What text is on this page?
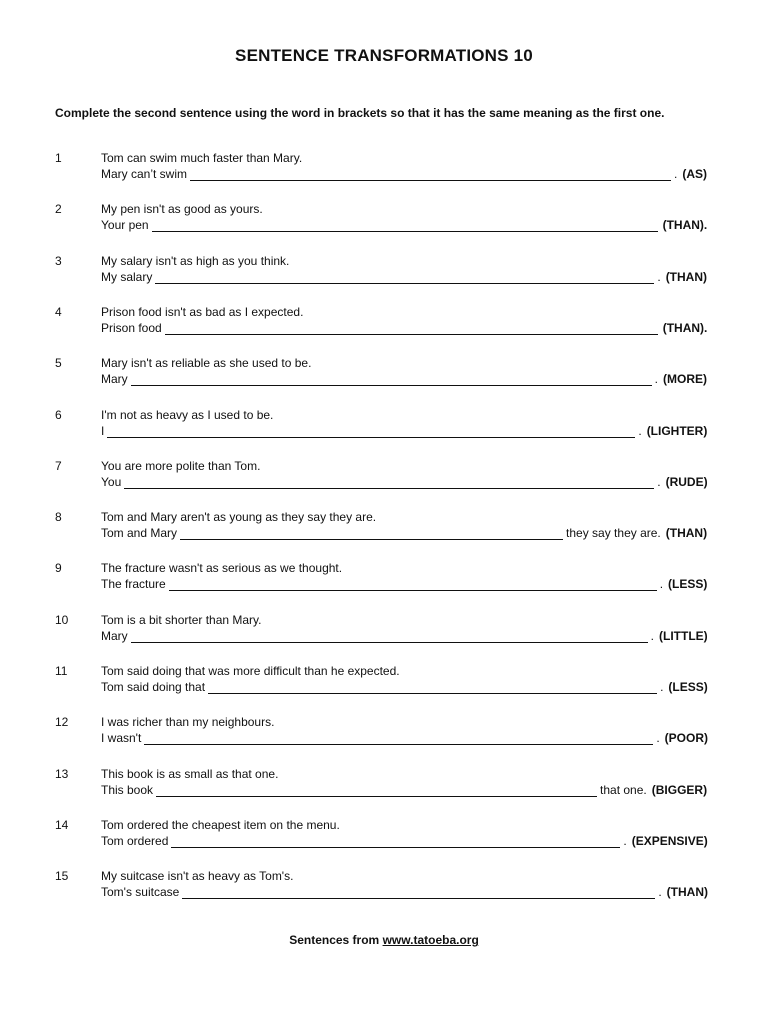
SENTENCE TRANSFORMATIONS 10
Complete the second sentence using the word in brackets so that it has the same meaning as the first one.
1	Tom can swim much faster than Mary.
Mary can’t swim	. (AS)
2	My pen isn't as good as yours.
Your pen	(THAN).
3	My salary isn't as high as you think.
My salary	. (THAN)
4	Prison food isn't as bad as I expected.
Prison food	(THAN).
5	Mary isn't as reliable as she used to be.
Mary	. (MORE)
6	I'm not as heavy as I used to be.
I	. (LIGHTER)
7	You are more polite than Tom.
You	. (RUDE)
8	Tom and Mary aren't as young as they say they are.
Tom and Mary	they say they are. (THAN)
9	The fracture wasn't as serious as we thought.
The fracture	. (LESS)
10	Tom is a bit shorter than Mary.
Mary	. (LITTLE)
11	Tom said doing that was more difficult than he expected.
Tom said doing that	. (LESS)
12	I was richer than my neighbours.
I wasn't	. (POOR)
13	This book is as small as that one.
This book	that one. (BIGGER)
14	Tom ordered the cheapest item on the menu.
Tom ordered	. (EXPENSIVE)
15	My suitcase isn't as heavy as Tom's.
Tom's suitcase	. (THAN)
Sentences from www.tatoeba.org
